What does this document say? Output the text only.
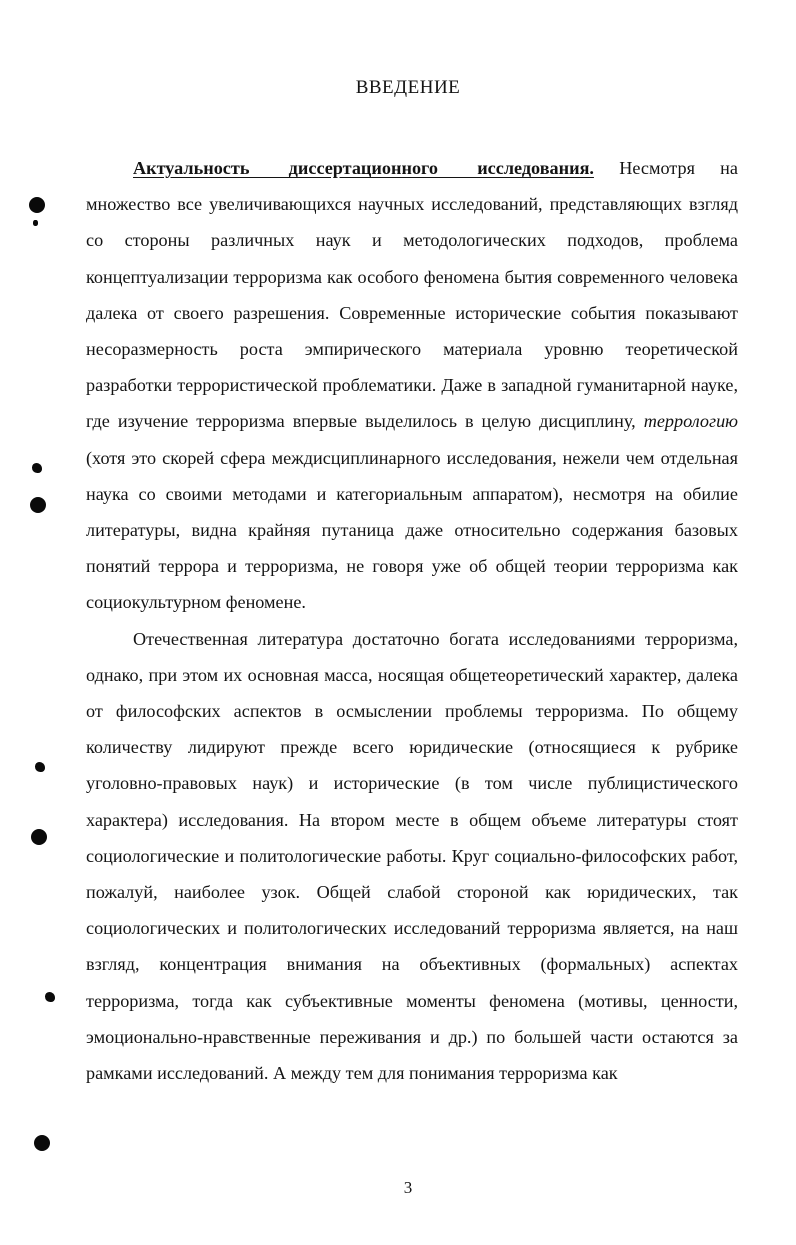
ВВЕДЕНИЕ

Актуальность диссертационного исследования. Несмотря на множество все увеличивающихся научных исследований, представляющих взгляд со стороны различных наук и методологических подходов, проблема концептуализации терроризма как особого феномена бытия современного человека далека от своего разрешения. Современные исторические события показывают несоразмерность роста эмпирического материала уровню теоретической разработки террористической проблематики. Даже в западной гуманитарной науке, где изучение терроризма впервые выделилось в целую дисциплину, террологию (хотя это скорей сфера междисциплинарного исследования, нежели чем отдельная наука со своими методами и категориальным аппаратом), несмотря на обилие литературы, видна крайняя путаница даже относительно содержания базовых понятий террора и терроризма, не говоря уже об общей теории терроризма как социокультурном феномене.

Отечественная литература достаточно богата исследованиями терроризма, однако, при этом их основная масса, носящая общетеоретический характер, далека от философских аспектов в осмыслении проблемы терроризма. По общему количеству лидируют прежде всего юридические (относящиеся к рубрике уголовно-правовых наук) и исторические (в том числе публицистического характера) исследования. На втором месте в общем объеме литературы стоят социологические и политологические работы. Круг социально-философских работ, пожалуй, наиболее узок. Общей слабой стороной как юридических, так социологических и политологических исследований терроризма является, на наш взгляд, концентрация внимания на объективных (формальных) аспектах терроризма, тогда как субъективные моменты феномена (мотивы, ценности, эмоционально-нравственные переживания и др.) по большей части остаются за рамками исследований. А между тем для понимания терроризма как

3
